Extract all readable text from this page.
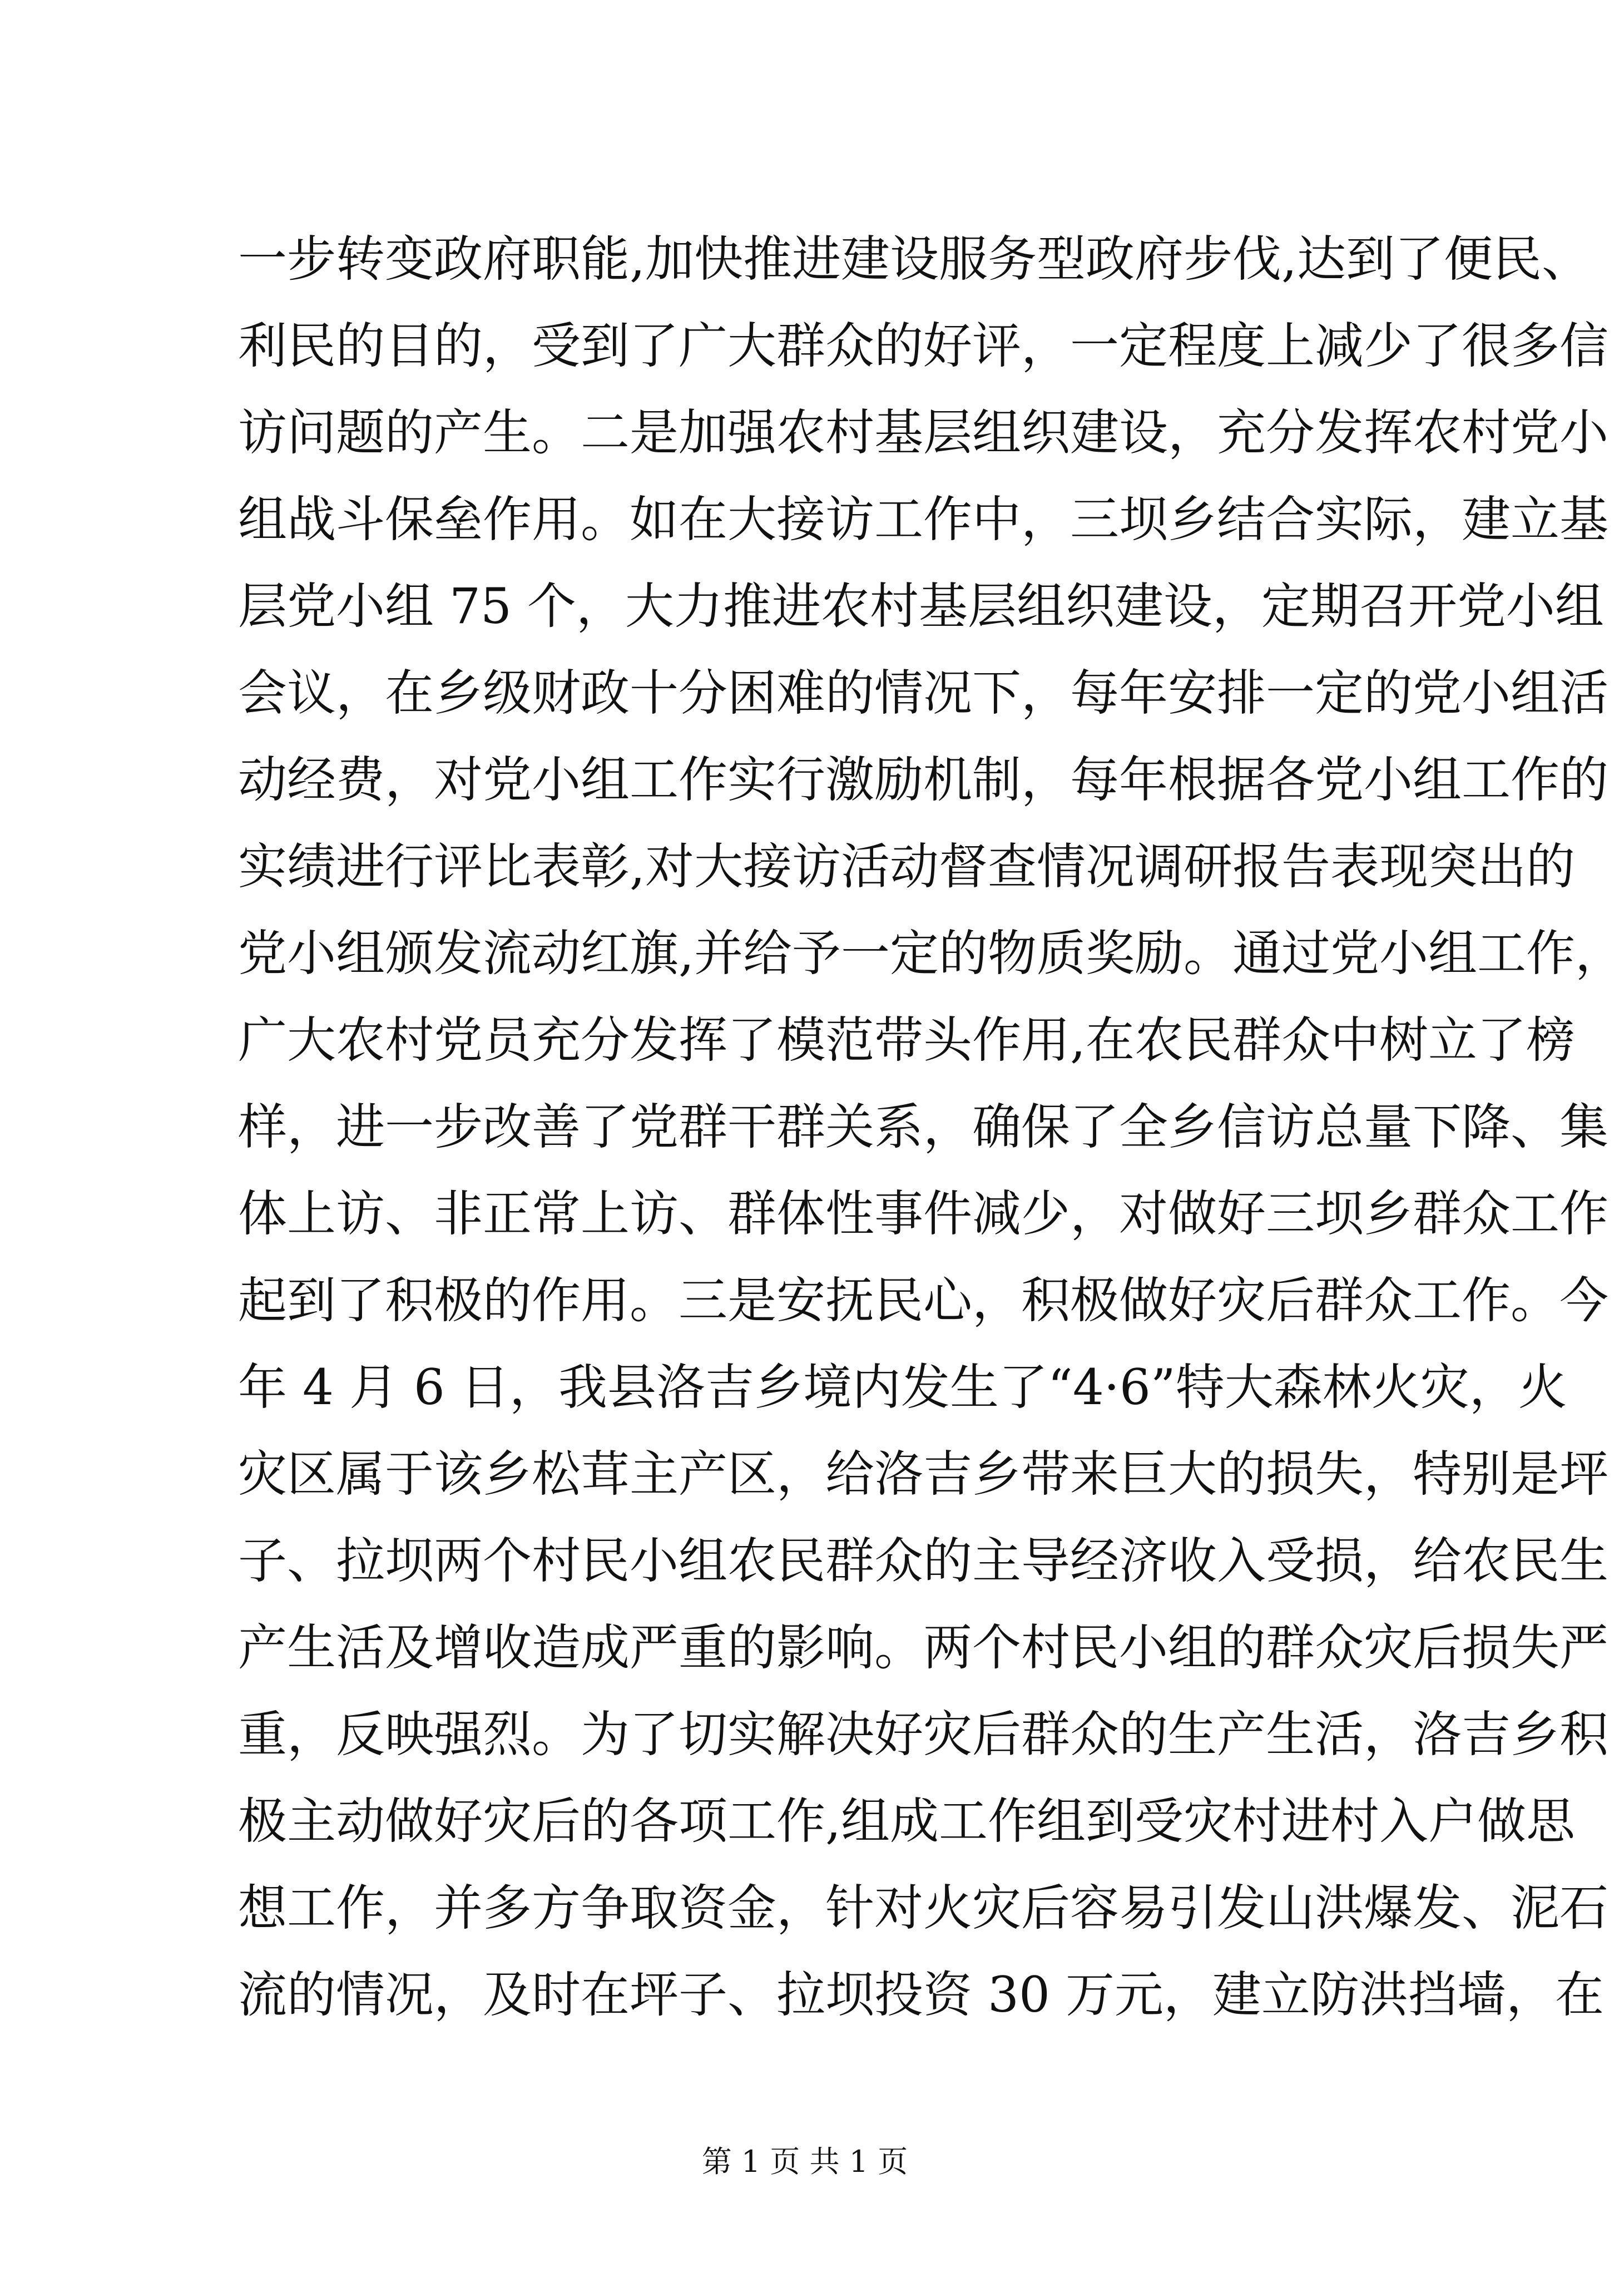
一步转变政府职能,加快推进建设服务型政府步伐,达到了便民、
利民的目的，受到了广大群众的好评，一定程度上减少了很多信
访问题的产生。二是加强农村基层组织建设，充分发挥农村党小
组战斗保垒作用。如在大接访工作中，三坝乡结合实际，建立基
层党小组 75 个，大力推进农村基层组织建设，定期召开党小组
会议，在乡级财政十分困难的情况下，每年安排一定的党小组活
动经费，对党小组工作实行激励机制，每年根据各党小组工作的
实绩进行评比表彰,对大接访活动督查情况调研报告表现突出的
党小组颁发流动红旗,并给予一定的物质奖励。通过党小组工作，
广大农村党员充分发挥了模范带头作用,在农民群众中树立了榜
样，进一步改善了党群干群关系，确保了全乡信访总量下降、集
体上访、非正常上访、群体性事件减少，对做好三坝乡群众工作
起到了积极的作用。三是安抚民心，积极做好灾后群众工作。今
年 4 月 6 日，我县洛吉乡境内发生了“4·6”特大森林火灾，火
灾区属于该乡松茸主产区，给洛吉乡带来巨大的损失，特别是坪
子、拉坝两个村民小组农民群众的主导经济收入受损，给农民生
产生活及增收造成严重的影响。两个村民小组的群众灾后损失严
重，反映强烈。为了切实解决好灾后群众的生产生活，洛吉乡积
极主动做好灾后的各项工作,组成工作组到受灾村进村入户做思
想工作，并多方争取资金，针对火灾后容易引发山洪爆发、泥石
流的情况，及时在坪子、拉坝投资 30 万元，建立防洪挡墙，在
第 1 页 共 1 页
